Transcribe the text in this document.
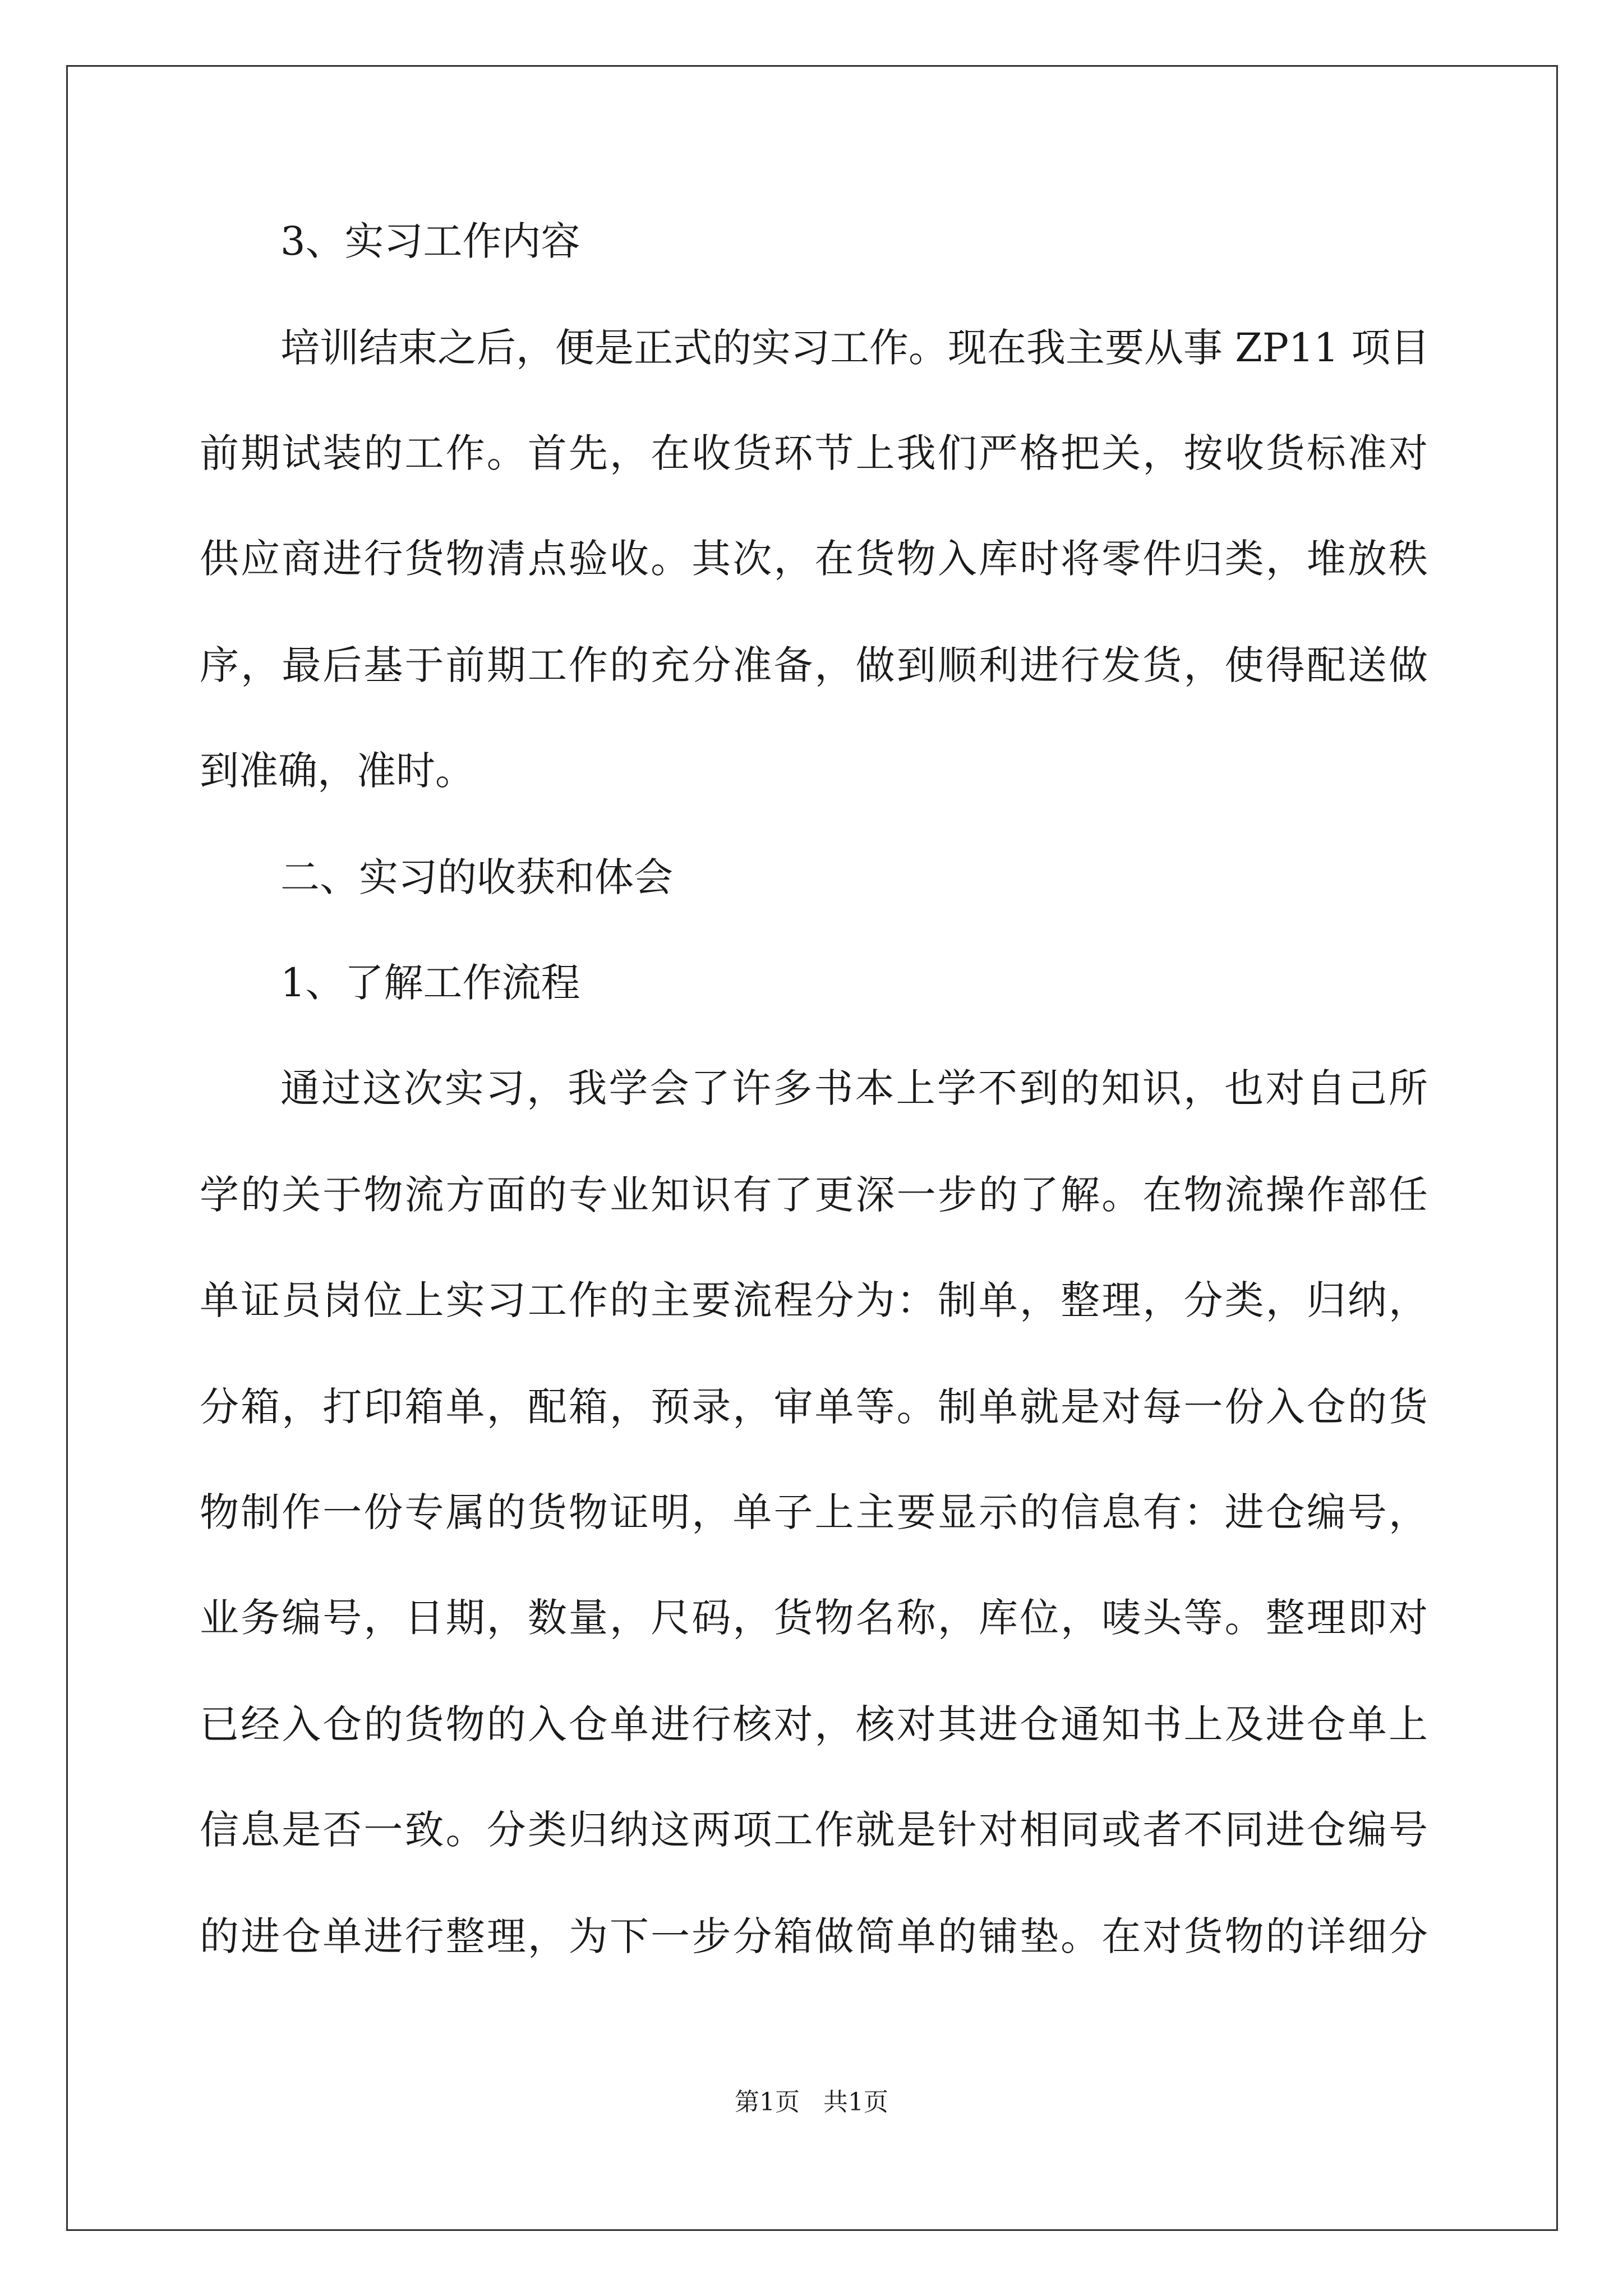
3、实习工作内容
培训结束之后，便是正式的实习工作。现在我主要从事 ZP11 项目
前期试装的工作。首先，在收货环节上我们严格把关，按收货标准对
供应商进行货物清点验收。其次，在货物入库时将零件归类，堆放秩
序，最后基于前期工作的充分准备，做到顺利进行发货，使得配送做
到准确，准时。
二、实习的收获和体会
1、了解工作流程
通过这次实习，我学会了许多书本上学不到的知识，也对自己所
学的关于物流方面的专业知识有了更深一步的了解。在物流操作部任
单证员岗位上实习工作的主要流程分为：制单，整理，分类，归纳，
分箱，打印箱单，配箱，预录，审单等。制单就是对每一份入仓的货
物制作一份专属的货物证明，单子上主要显示的信息有：进仓编号，
业务编号，日期，数量，尺码，货物名称，库位，唛头等。整理即对
已经入仓的货物的入仓单进行核对，核对其进仓通知书上及进仓单上
信息是否一致。分类归纳这两项工作就是针对相同或者不同进仓编号
的进仓单进行整理，为下一步分箱做简单的铺垫。在对货物的详细分
第1页   共1页
